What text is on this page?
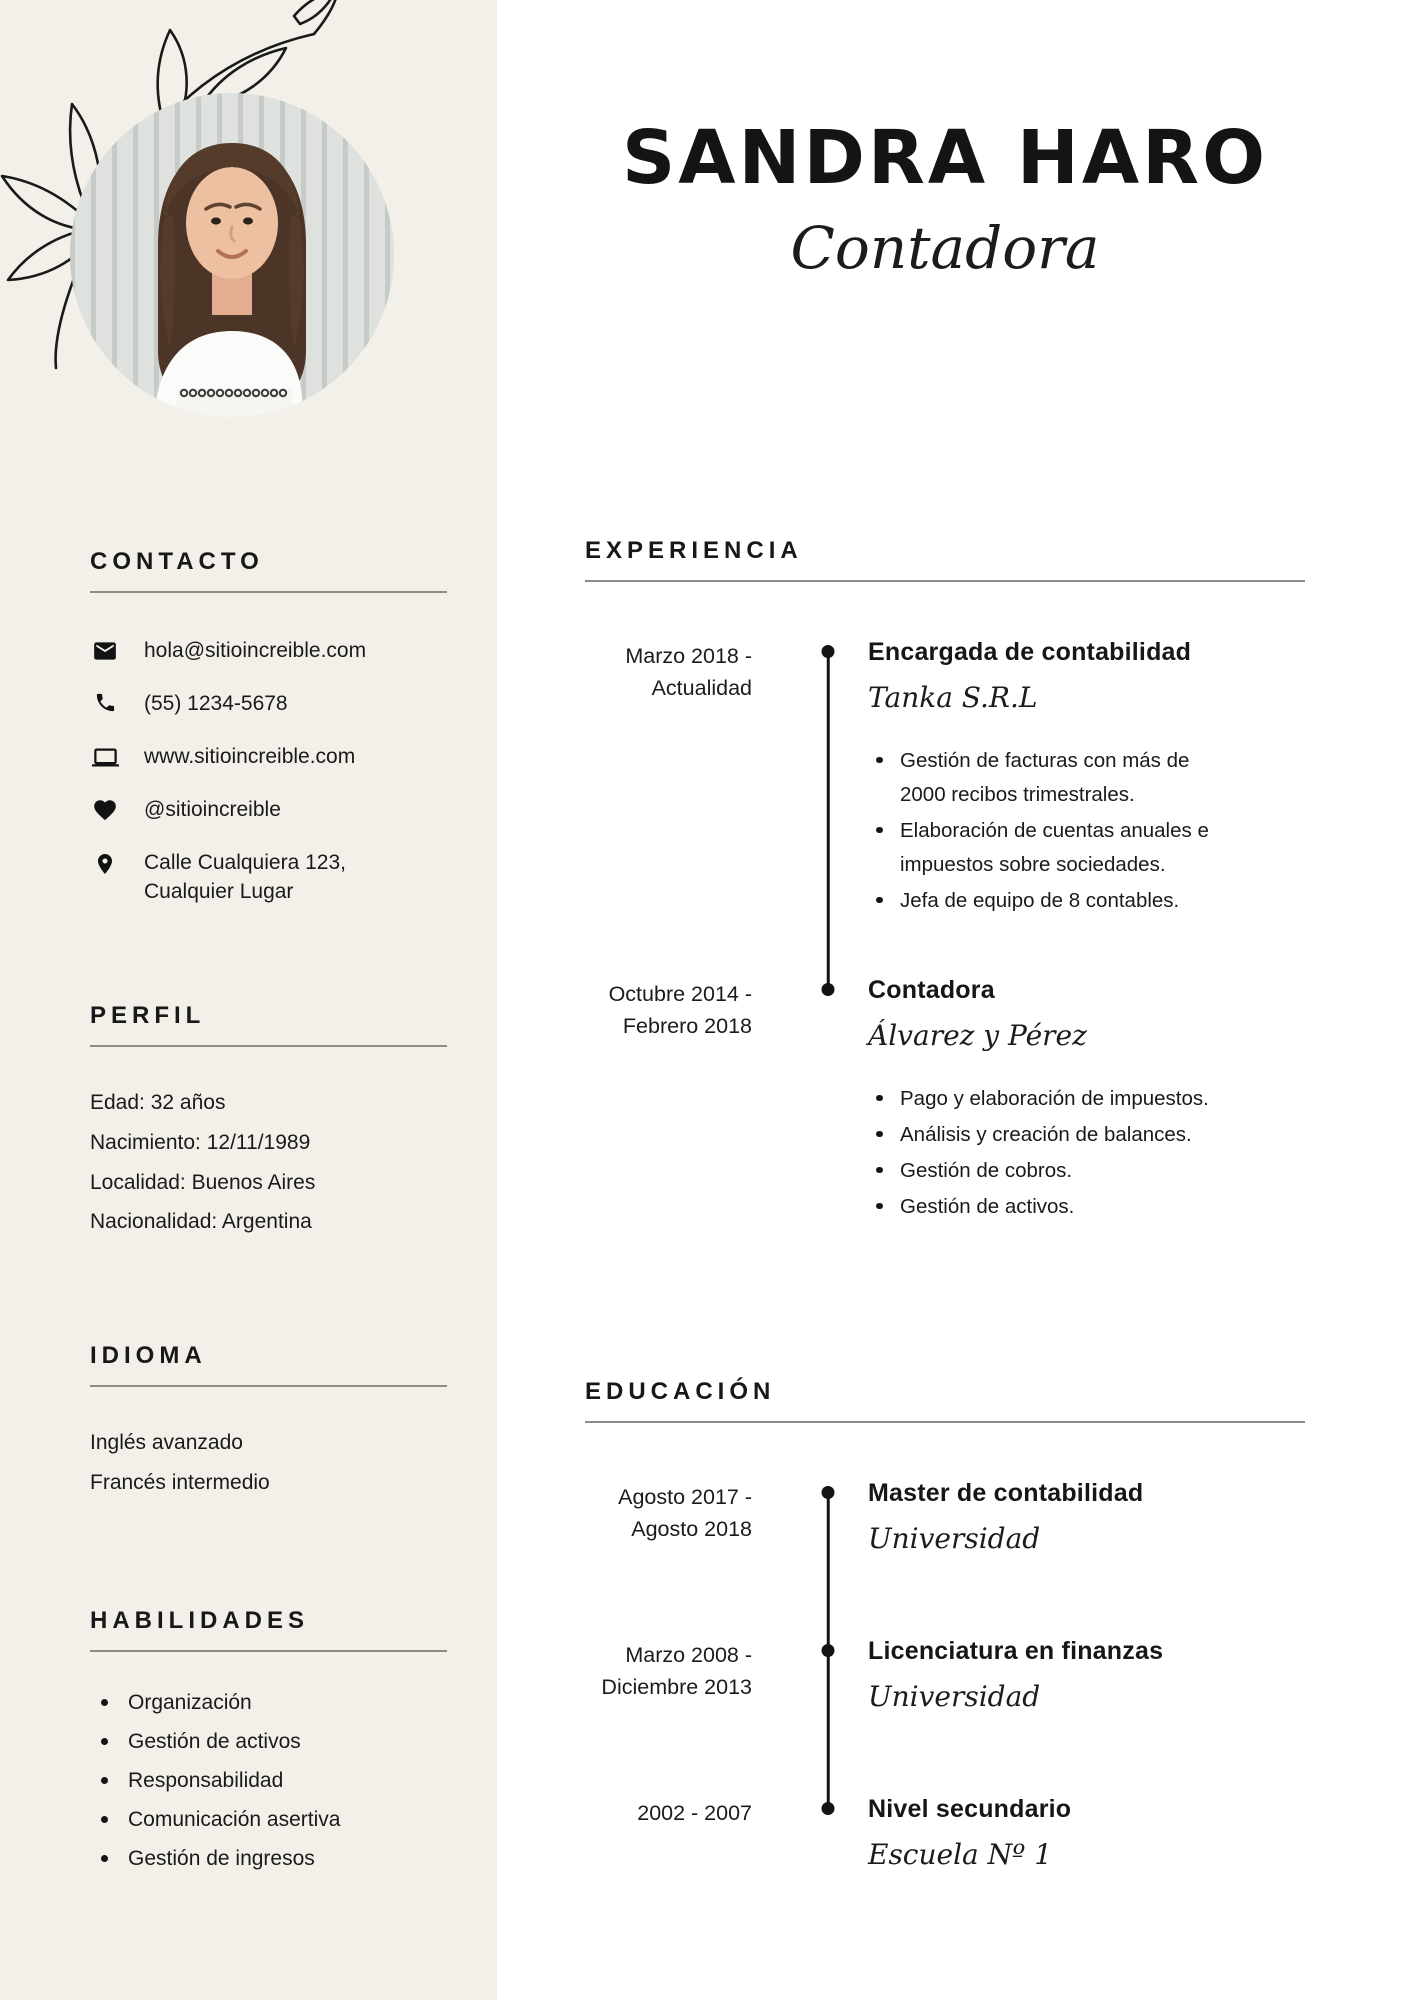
CONTACTO
hola@sitioincreible.com
(55) 1234-5678
www.sitioincreible.com
@sitioincreible
Calle Cualquiera 123,
Cualquier Lugar
PERFIL

Edad: 32 años

Nacimiento: 12/11/1989

Localidad: Buenos Aires

Nacionalidad: Argentina

IDIOMA

Inglés avanzado

Francés intermedio

HABILIDADES
Organización
Gestión de activos
Responsabilidad
Comunicación asertiva
Gestión de ingresos
SANDRA HARO
Contadora
EXPERIENCIA
Marzo 2018 -
Actualidad
Encargada de contabilidad
Tanka S.R.L
Gestión de facturas con más de 2000 recibos trimestrales.
Elaboración de cuentas anuales e impuestos sobre sociedades.
Jefa de equipo de 8 contables.
Octubre 2014 -
Febrero 2018
Contadora
Álvarez y Pérez
Pago y elaboración de impuestos.
Análisis y creación de balances.
Gestión de cobros.
Gestión de activos.
EDUCACIÓN
Agosto 2017 -
Agosto 2018
Master de contabilidad
Universidad
Marzo 2008 -
Diciembre 2013
Licenciatura en finanzas
Universidad
2002 - 2007	Nivel secundario
Escuela Nº 1
